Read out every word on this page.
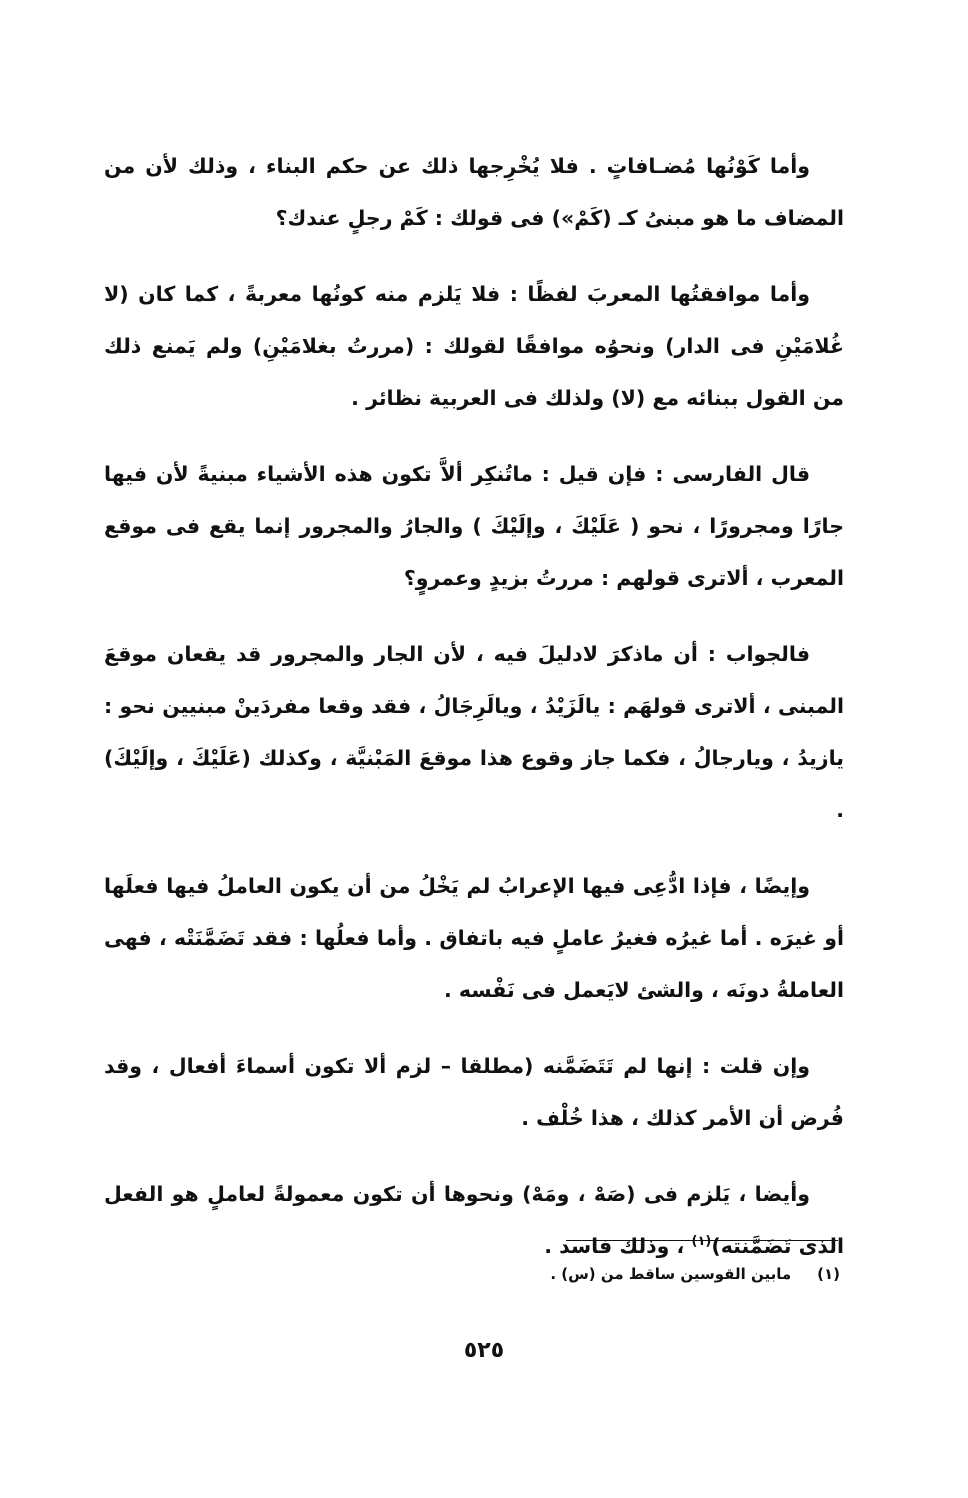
وأما كَوْنُها مُضـافاتٍ . فلا يُخْرِجها ذلك عن حكم البناء ، وذلك لأن من المضاف ما هو مبنىُ كـ (كَمْ») فى قولك : كَمْ رجلٍ عندك؟

وأما موافقتُها المعربَ لفظًا : فلا يَلزم منه كونُها معربةً ، كما كان (لا غُلامَيْنِ فى الدار) ونحوُه موافقًا لقولك : (مررتُ بغلامَيْنِ) ولم يَمنع ذلك من القول ببنائه مع (لا) ولذلك فى العربية نظائر .

قال الفارسى : فإن قيل : ماتُنكِر ألاَّ تكون هذه الأشياء مبنيةً لأن فيها جارًا ومجرورًا ، نحو ( عَلَيْكَ ، وإلَيْكَ ) والجارُ والمجرور إنما يقع فى موقع المعرب ، ألاترى قولهم : مررتُ بزيدٍ وعمروٍ؟

فالجواب : أن ماذكرَ لادليلَ فيه ، لأن الجار والمجرور قد يقعان موقعَ المبنى ، ألاترى قولهَم : يالَزَيْدُ ، ويالَرِجَالُ ، فقد وقعا مفردَينْ مبنيين نحو : يازيدُ ، ويارجالُ ، فكما جاز وقوع هذا موقعَ المَبْنيَّة ، وكذلك (عَلَيْكَ ، وإلَيْكَ) .

وإيضًا ، فإذا ادُّعِى فيها الإعرابُ لم يَخْلُ من أن يكون العاملُ فيها فعلَها أو غيرَه . أما غيرُه فغيرُ عاملٍ فيه باتفاق . وأما فعلُها : فقد تَضَمَّنَتْه ، فهى العاملةُ دونَه ، والشئ لايَعمل فى نَفْسه .

وإن قلت : إنها لم تَتَضَمَّنه (مطلقا – لزم ألا تكون أسماءَ أفعال ، وقد فُرض أن الأمر كذلك ، هذا خُلْف .

وأيضا ، يَلزم فى (صَهْ ، ومَهْ) ونحوها أن تكون معمولةً لعاملٍ هو الفعل الذى تَضَمَّنته)$^{(١)}$ ، وذلك فاسد .

(١)مابين القوسين ساقط من (س) .
٥٢٥
